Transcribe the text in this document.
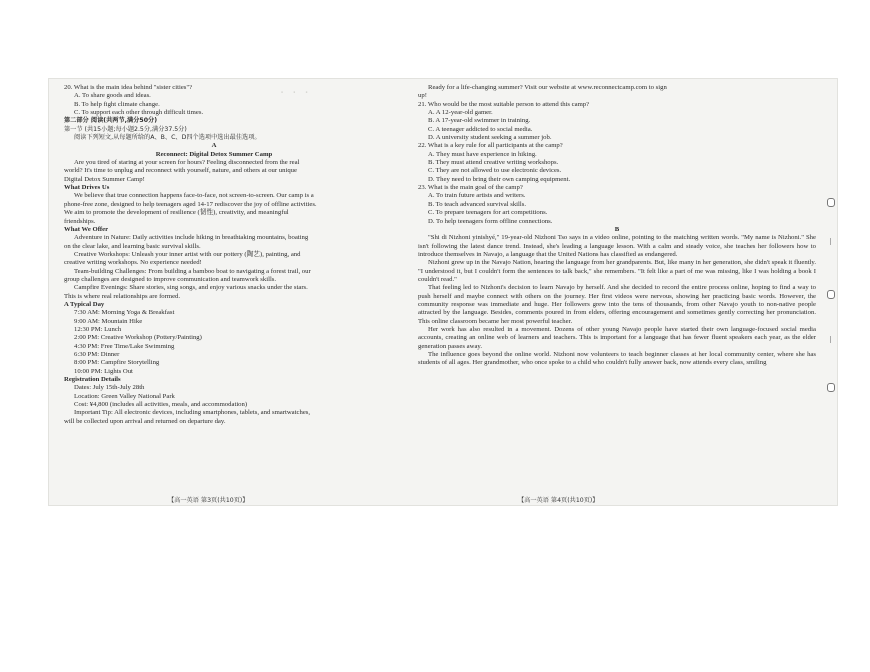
· · ·
20. What is the main idea behind "sister cities"?
A. To share goods and ideas.
B. To help fight climate change.
C. To support each other through difficult times.
第二部分 阅读(共两节,满分50分)
第一节 (共15小题;每小题2.5分,满分37.5分)
阅读下列短文,从每题所给的A、B、C、D四个选项中选出最佳选项。
A
Reconnect: Digital Detox Summer Camp
Are you tired of staring at your screen for hours? Feeling disconnected from the real
world? It's time to unplug and reconnect with yourself, nature, and others at our unique
Digital Detox Summer Camp!
What Drives Us
We believe that true connection happens face-to-face, not screen-to-screen. Our camp is a
phone-free zone, designed to help teenagers aged 14-17 rediscover the joy of offline activities.
We aim to promote the development of resilience (韧性), creativity, and meaningful
friendships.
What We Offer
Adventure in Nature: Daily activities include hiking in breathtaking mountains, boating
on the clear lake, and learning basic survival skills.
Creative Workshops: Unleash your inner artist with our pottery (陶艺), painting, and
creative writing workshops. No experience needed!
Team-building Challenges: From building a bamboo boat to navigating a forest trail, our
group challenges are designed to improve communication and teamwork skills.
Campfire Evenings: Share stories, sing songs, and enjoy various snacks under the stars.
This is where real relationships are formed.
A Typical Day
7:30 AM: Morning Yoga & Breakfast
9:00 AM: Mountain Hike
12:30 PM: Lunch
2:00 PM: Creative Workshop (Pottery/Painting)
4:30 PM: Free Time/Lake Swimming
6:30 PM: Dinner
8:00 PM: Campfire Storytelling
10:00 PM: Lights Out
Registration Details
Dates: July 15th-July 28th
Location: Green Valley National Park
Cost: ¥4,800 (includes all activities, meals, and accommodation)
Important Tip: All electronic devices, including smartphones, tablets, and smartwatches,
will be collected upon arrival and returned on departure day.
【高一英语 第3页(共10页)】
Ready for a life-changing summer? Visit our website at www.reconnectcamp.com to sign
up!
21. Who would be the most suitable person to attend this camp?
A. A 12-year-old gamer.
B. A 17-year-old swimmer in training.
C. A teenager addicted to social media.
D. A university student seeking a summer job.
22. What is a key rule for all participants at the camp?
A. They must have experience in hiking.
B. They must attend creative writing workshops.
C. They are not allowed to use electronic devices.
D. They need to bring their own camping equipment.
23. What is the main goal of the camp?
A. To train future artists and writers.
B. To teach advanced survival skills.
C. To prepare teenagers for art competitions.
D. To help teenagers form offline connections.
B
"Shi di Nizhoni yinishyé," 19-year-old Nizhoni Tso says in a video online, pointing to the matching written words. "My name is Nizhoni." She isn't following the latest dance trend. Instead, she's leading a language lesson. With a calm and steady voice, she teaches her followers how to introduce themselves in Navajo, a language that the United Nations has classified as endangered.
Nizhoni grew up in the Navajo Nation, hearing the language from her grandparents. But, like many in her generation, she didn't speak it fluently. "I understood it, but I couldn't form the sentences to talk back," she remembers. "It felt like a part of me was missing, like I was holding a book I couldn't read."
That feeling led to Nizhoni's decision to learn Navajo by herself. And she decided to record the entire process online, hoping to find a way to push herself and maybe connect with others on the journey. Her first videos were nervous, showing her practicing basic words. However, the community response was immediate and huge. Her followers grew into the tens of thousands, from other Navajo youth to non-native people attracted by the language. Besides, comments poured in from elders, offering encouragement and sometimes gently correcting her pronunciation. This online classroom became her most powerful teacher.
Her work has also resulted in a movement. Dozens of other young Navajo people have started their own language-focused social media accounts, creating an online web of learners and teachers. This is important for a language that has fewer fluent speakers each year, as the elder generation passes away.
The influence goes beyond the online world. Nizhoni now volunteers to teach beginner classes at her local community center, where she has students of all ages. Her grandmother, who once spoke to a child who couldn't fully answer back, now attends every class, smiling
【高一英语 第4页(共10页)】
